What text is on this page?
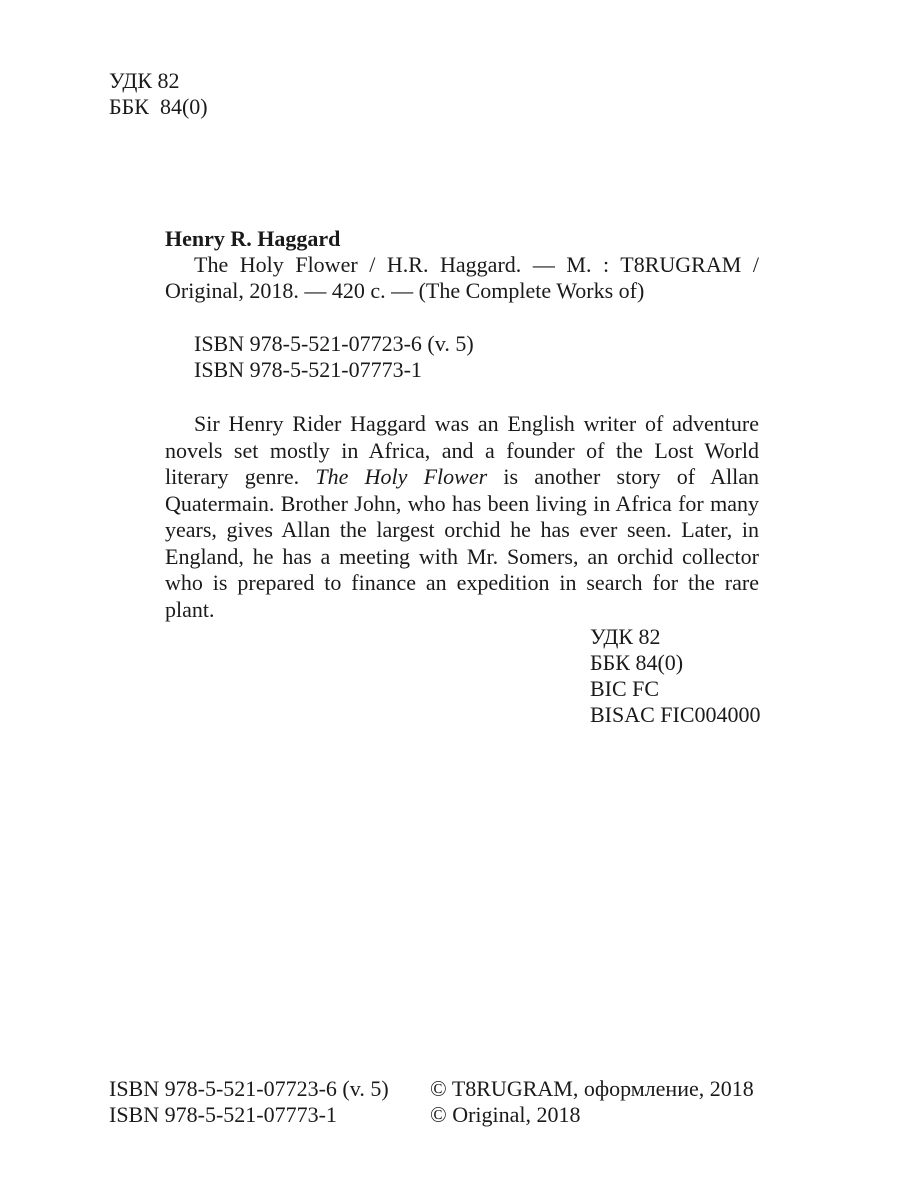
УДК 82
ББК  84(0)
Henry R. Haggard
The Holy Flower / H.R. Haggard. — M. : T8RUGRAM / Original, 2018. — 420 c. — (The Complete Works of)
ISBN 978-5-521-07723-6 (v. 5)
ISBN 978-5-521-07773-1
Sir Henry Rider Haggard was an English writer of adventure novels set mostly in Africa, and a founder of the Lost World literary genre. The Holy Flower is another story of Allan Quatermain. Brother John, who has been living in Africa for many years, gives Allan the largest orchid he has ever seen. Later, in England, he has a meeting with Mr. Somers, an orchid collector who is prepared to finance an expedition in search for the rare plant.
УДК 82
ББК 84(0)
BIC FC
BISAC FIC004000
ISBN 978-5-521-07723-6 (v. 5)
ISBN 978-5-521-07773-1
© T8RUGRAM, оформление, 2018
© Original, 2018
